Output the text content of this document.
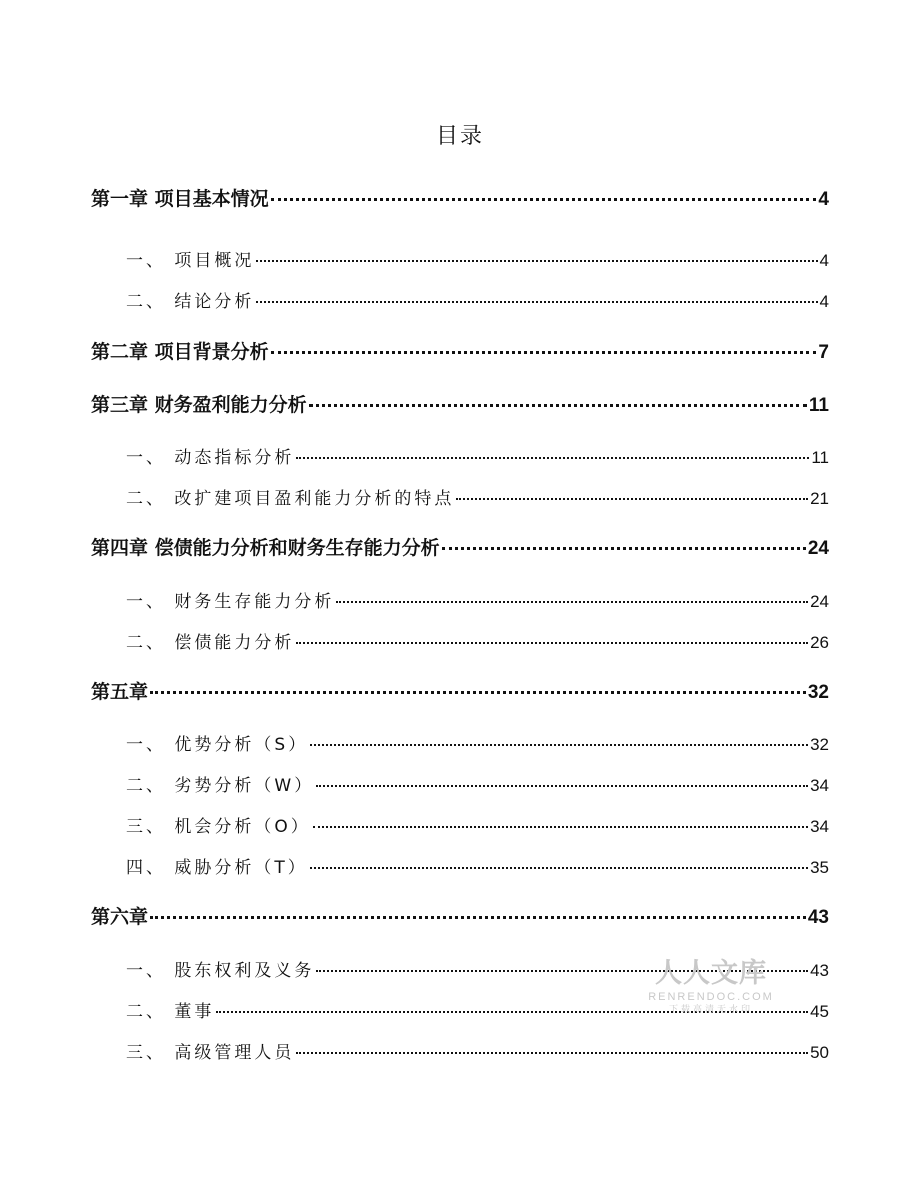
目录
第一章 项目基本情况	4
一、 项目概况	4
二、 结论分析	4
第二章 项目背景分析	7
第三章 财务盈利能力分析	11
一、 动态指标分析	11
二、 改扩建项目盈利能力分析的特点	21
第四章 偿债能力分析和财务生存能力分析	24
一、 财务生存能力分析	24
二、 偿债能力分析	26
第五章	32
一、 优势分析（S）	32
二、 劣势分析（W）	34
三、 机会分析（O）	34
四、 威胁分析（T）	35
第六章	43
一、 股东权利及义务	43
二、 董事	45
三、 高级管理人员	50
人人文库
RENRENDOC.COM
下载高清无水印
